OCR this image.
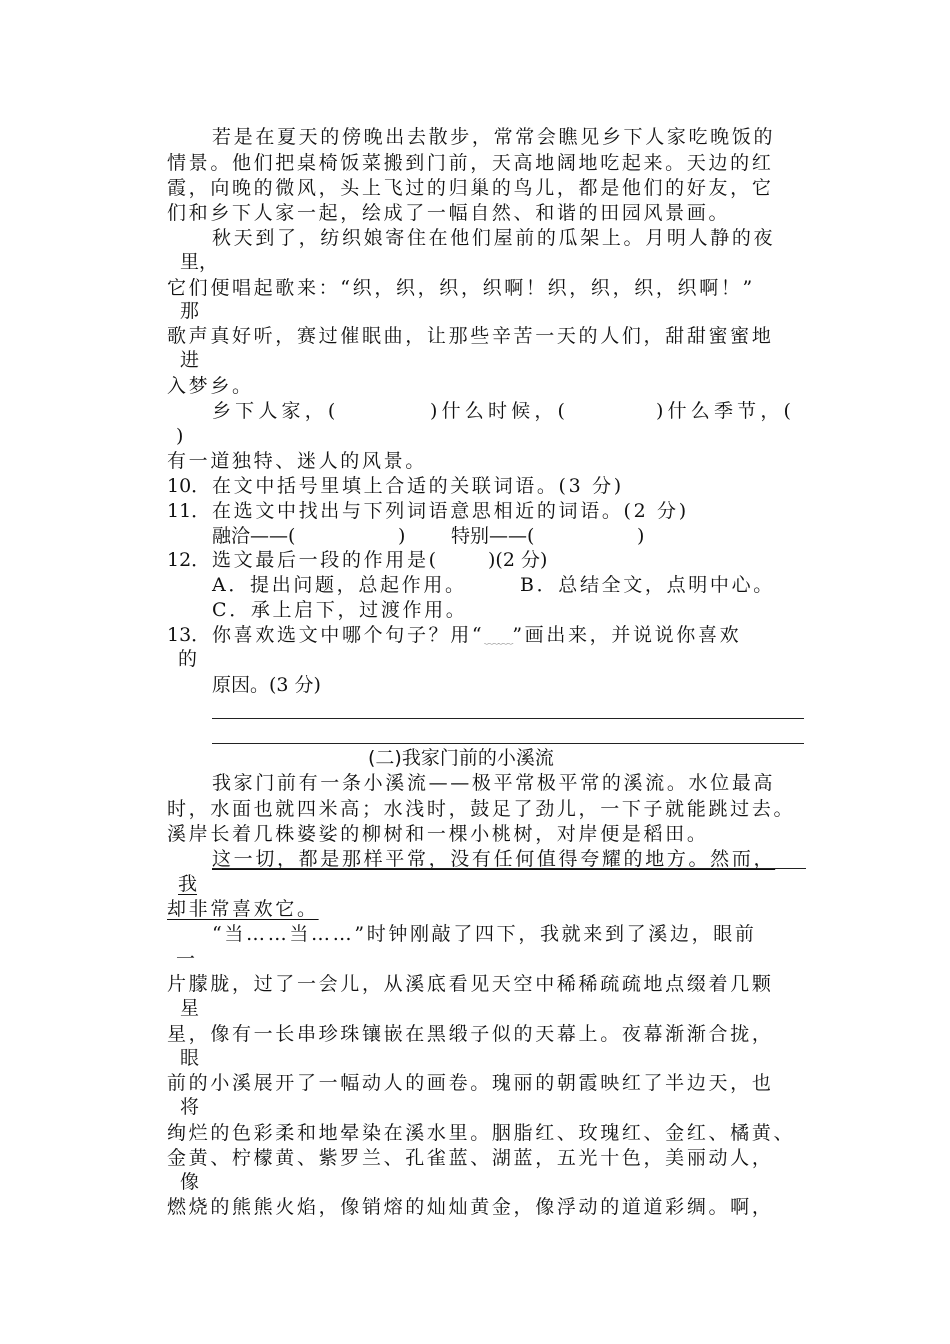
若是在夏天的傍晚出去散步，常常会瞧见乡下人家吃晚饭的
情景。他们把桌椅饭菜搬到门前，天高地阔地吃起来。天边的红
霞，向晚的微风，头上飞过的归巢的鸟儿，都是他们的好友，它
们和乡下人家一起，绘成了一幅自然、和谐的田园风景画。
秋天到了，纺织娘寄住在他们屋前的瓜架上。月明人静的夜
里，
它们便唱起歌来：“织，织，织，织啊！织，织，织，织啊！”
那
歌声真好听，赛过催眠曲，让那些辛苦一天的人们，甜甜蜜蜜地
进
入梦乡。
乡下人家，(	)什么时候，(	)什么季节，(
)
有一道独特、迷人的风景。
10． 在文中括号里填上合适的关联词语。(3 分)
11． 在选文中找出与下列词语意思相近的词语。(2 分)
融洽——(	) 特别——(	)
12． 选文最后一段的作用是(	)(2 分)
A．提出问题，总起作用。	B．总结全文，点明中心。
C．承上启下，过渡作用。
13． 你喜欢选文中哪个句子？用“﹏﹏”画出来，并说说你喜欢
的
原因。(3 分)
(二)我家门前的小溪流
我家门前有一条小溪流——极平常极平常的溪流。水位最高
时，水面也就四米高；水浅时，鼓足了劲儿，一下子就能跳过去。
溪岸长着几株婆娑的柳树和一棵小桃树，对岸便是稻田。
这一切，都是那样平常，没有任何值得夸耀的地方。然而，
我
却非常喜欢它。
“当……当……”时钟刚敲了四下，我就来到了溪边，眼前
一
片朦胧，过了一会儿，从溪底看见天空中稀稀疏疏地点缀着几颗
星
星，像有一长串珍珠镶嵌在黑缎子似的天幕上。夜幕渐渐合拢，
眼
前的小溪展开了一幅动人的画卷。瑰丽的朝霞映红了半边天，也
将
绚烂的色彩柔和地晕染在溪水里。胭脂红、玫瑰红、金红、橘黄、
金黄、柠檬黄、紫罗兰、孔雀蓝、湖蓝，五光十色，美丽动人，
像
燃烧的熊熊火焰，像销熔的灿灿黄金，像浮动的道道彩绸。啊，
